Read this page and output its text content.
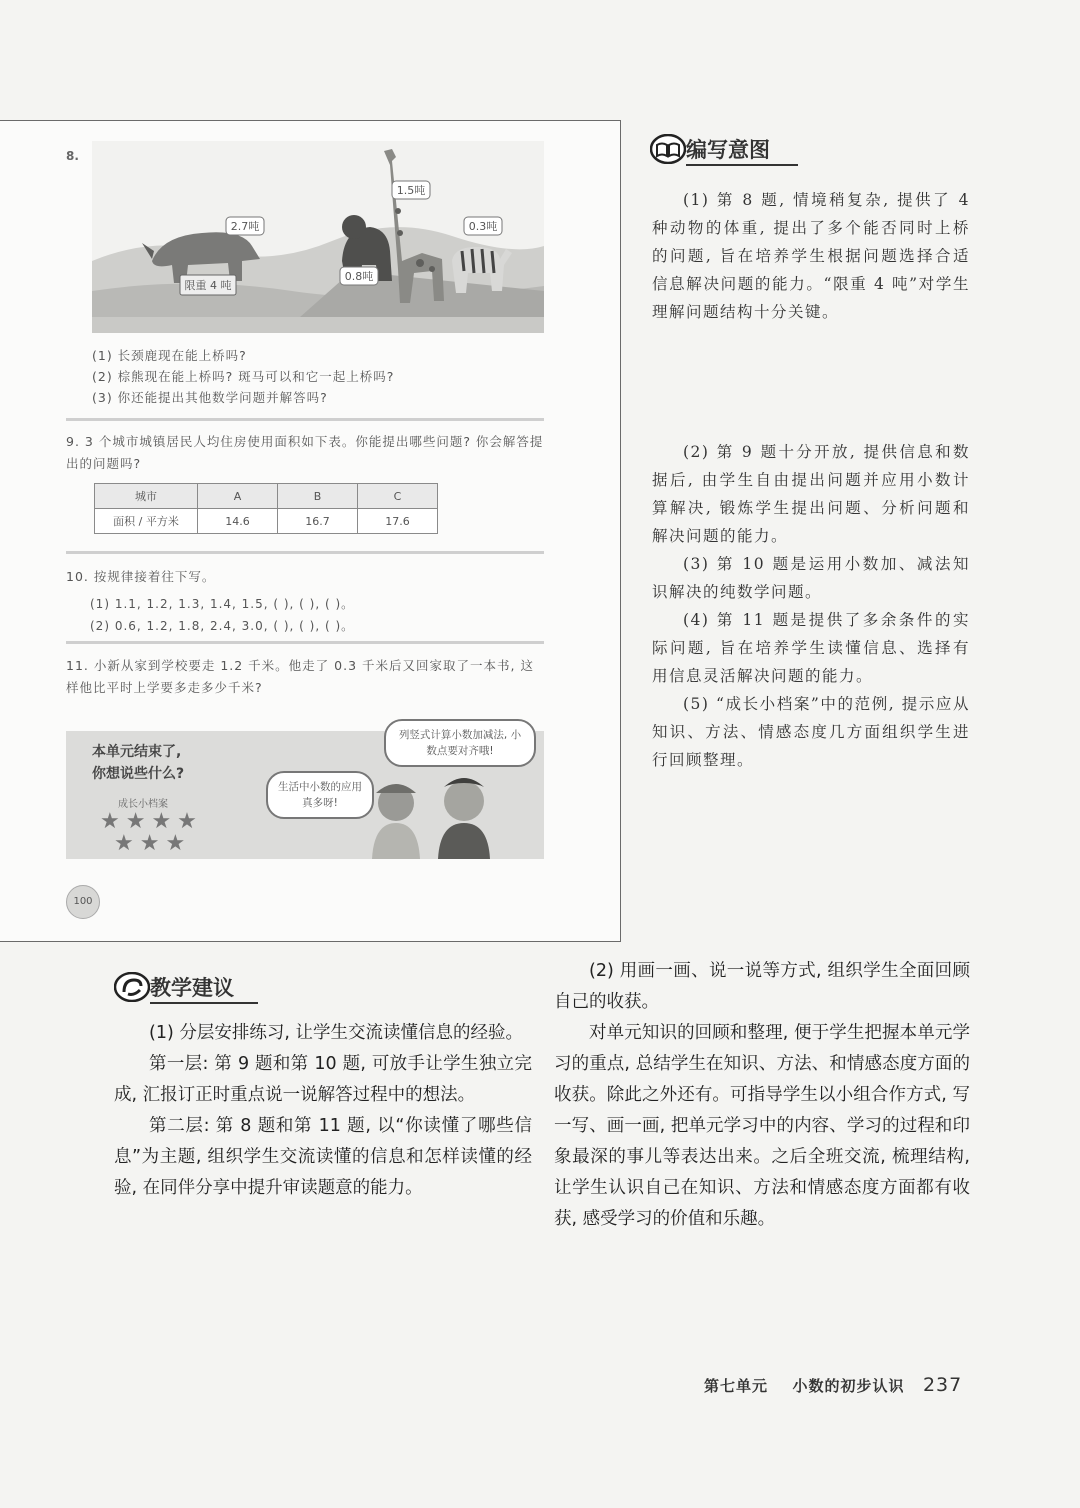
8.
2.7吨
1.5吨
0.8吨
0.3吨
限重 4 吨
(1) 长颈鹿现在能上桥吗?
(2) 棕熊现在能上桥吗? 斑马可以和它一起上桥吗?
(3) 你还能提出其他数学问题并解答吗?
9. 3 个城市城镇居民人均住房使用面积如下表。你能提出哪些问题? 你会解答提出的问题吗?
城市	A	B	C
面积 / 平方米	14.6	16.7	17.6
10. 按规律接着往下写。
(1) 1.1, 1.2, 1.3, 1.4, 1.5, ( ), ( ), ( )。
(2) 0.6, 1.2, 1.8, 2.4, 3.0, ( ), ( ), ( )。
11. 小新从家到学校要走 1.2 千米。他走了 0.3 千米后又回家取了一本书, 这样他比平时上学要多走多少千米?
本单元结束了,
你想说些什么?
成长小档案
★★★★
★★★
列竖式计算小数加减法, 小数点要对齐哦!
生活中小数的应用真多呀!
100
编写意图

(1) 第 8 题, 情境稍复杂, 提供了 4 种动物的体重, 提出了多个能否同时上桥的问题, 旨在培养学生根据问题选择合适信息解决问题的能力。“限重 4 吨”对学生理解问题结构十分关键。

(2) 第 9 题十分开放, 提供信息和数据后, 由学生自由提出问题并应用小数计算解决, 锻炼学生提出问题、分析问题和解决问题的能力。

(3) 第 10 题是运用小数加、减法知识解决的纯数学问题。

(4) 第 11 题是提供了多余条件的实际问题, 旨在培养学生读懂信息、选择有用信息灵活解决问题的能力。

(5) “成长小档案”中的范例, 提示应从知识、方法、情感态度几方面组织学生进行回顾整理。

教学建议

(1) 分层安排练习, 让学生交流读懂信息的经验。

第一层: 第 9 题和第 10 题, 可放手让学生独立完成, 汇报订正时重点说一说解答过程中的想法。

第二层: 第 8 题和第 11 题, 以“你读懂了哪些信息”为主题, 组织学生交流读懂的信息和怎样读懂的经验, 在同伴分享中提升审读题意的能力。

(2) 用画一画、说一说等方式, 组织学生全面回顾自己的收获。

对单元知识的回顾和整理, 便于学生把握本单元学习的重点, 总结学生在知识、方法、和情感态度方面的收获。除此之外还有。可指导学生以小组合作方式, 写一写、画一画, 把单元学习中的内容、学习的过程和印象最深的事儿等表达出来。之后全班交流, 梳理结构, 让学生认识自己在知识、方法和情感态度方面都有收获, 感受学习的价值和乐趣。

第七单元 小数的初步认识 237
